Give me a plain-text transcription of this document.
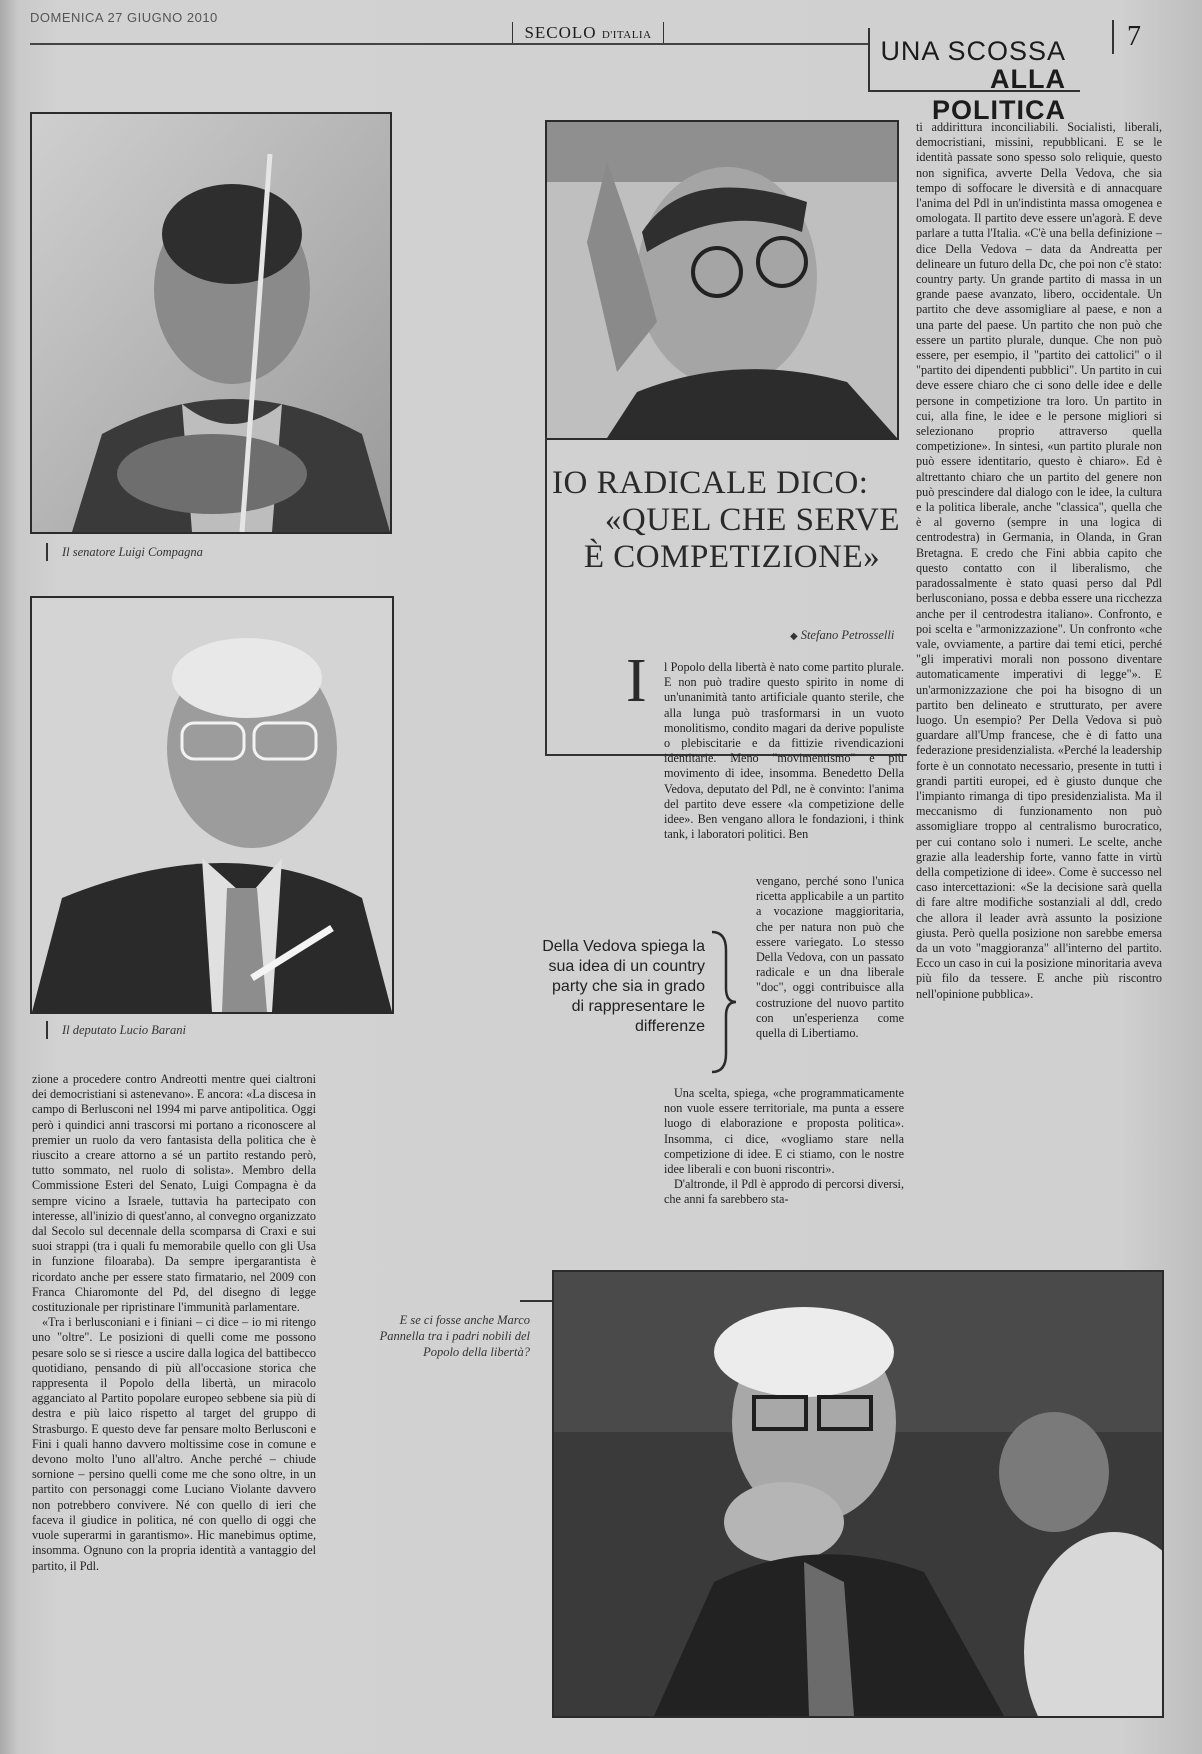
DOMENICA 27 GIUGNO 2010
SECOLO D'ITALIA
UNA SCOSSA
ALLA POLITICA
7
Il senatore Luigi Compagna
Il deputato Lucio Barani
IO RADICALE DICO:
«QUEL CHE SERVE
È COMPETIZIONE»
◆ Stefano Petrosselli
I l Popolo della libertà è nato come partito plurale. E non può tradire questo spirito in nome di un'unanimità tanto artificiale quanto sterile, che alla lunga può trasformarsi in un vuoto monolitismo, condito magari da derive populiste o plebiscitarie e da fittizie rivendicazioni identitarie. Meno "movimentismo" e più movimento di idee, insomma. Benedetto Della Vedova, deputato del Pdl, ne è convinto: l'anima del partito deve essere «la competizione delle idee». Ben vengano allora le fondazioni, i think tank, i laboratori politici. Ben

vengano, perché sono l'unica ricetta applicabile a un partito a vocazione maggioritaria, che per natura non può che essere variegato. Lo stesso Della Vedova, con un passato radicale e un dna liberale "doc", oggi contribuisce alla costruzione del nuovo partito con un'esperienza come quella di Libertiamo.

Una scelta, spiega, «che programmaticamente non vuole essere territoriale, ma punta a essere luogo di elaborazione e proposta politica». Insomma, ci dice, «vogliamo stare nella competizione di idee. E ci stiamo, con le nostre idee liberali e con buoni riscontri».

D'altronde, il Pdl è approdo di percorsi diversi, che anni fa sarebbero sta-

Della Vedova spiega la sua idea di un country party che sia in grado di rappresentare le differenze

ti addirittura inconciliabili. Socialisti, liberali, democristiani, missini, repubblicani. E se le identità passate sono spesso solo reliquie, questo non significa, avverte Della Vedova, che sia tempo di soffocare le diversità e di annacquare l'anima del Pdl in un'indistinta massa omogenea e omologata. Il partito deve essere un'agorà. E deve parlare a tutta l'Italia. «C'è una bella definizione – dice Della Vedova – data da Andreatta per delineare un futuro della Dc, che poi non c'è stato: country party. Un grande partito di massa in un grande paese avanzato, libero, occidentale. Un partito che deve assomigliare al paese, e non a una parte del paese. Un partito che non può che essere un partito plurale, dunque. Che non può essere, per esempio, il "partito dei cattolici" o il "partito dei dipendenti pubblici". Un partito in cui deve essere chiaro che ci sono delle idee e delle persone in competizione tra loro. Un partito in cui, alla fine, le idee e le persone migliori si selezionano proprio attraverso quella competizione». In sintesi, «un partito plurale non può essere identitario, questo è chiaro». Ed è altrettanto chiaro che un partito del genere non può prescindere dal dialogo con le idee, la cultura e la politica liberale, anche "classica", quella che è al governo (sempre in una logica di centrodestra) in Germania, in Olanda, in Gran Bretagna. E credo che Fini abbia capito che questo contatto con il liberalismo, che paradossalmente è stato quasi perso dal Pdl berlusconiano, possa e debba essere una ricchezza anche per il centrodestra italiano». Confronto, e poi scelta e "armonizzazione". Un confronto «che vale, ovviamente, a partire dai temi etici, perché "gli imperativi morali non possono diventare automaticamente imperativi di legge"». E un'armonizzazione che poi ha bisogno di un partito ben delineato e strutturato, per avere luogo. Un esempio? Per Della Vedova si può guardare all'Ump francese, che è di fatto una federazione presidenzialista. «Perché la leadership forte è un connotato necessario, presente in tutti i grandi partiti europei, ed è giusto dunque che l'impianto rimanga di tipo presidenzialista. Ma il meccanismo di funzionamento non può assomigliare troppo al centralismo burocratico, per cui contano solo i numeri. Le scelte, anche grazie alla leadership forte, vanno fatte in virtù della competizione di idee». Come è successo nel caso intercettazioni: «Se la decisione sarà quella di fare altre modifiche sostanziali al ddl, credo che allora il leader avrà assunto la posizione giusta. Però quella posizione non sarebbe emersa da un voto "maggioranza" all'interno del partito. Ecco un caso in cui la posizione minoritaria aveva più filo da tessere. E anche più riscontro nell'opinione pubblica».

zione a procedere contro Andreotti mentre quei cialtroni dei democristiani si astenevano». E ancora: «La discesa in campo di Berlusconi nel 1994 mi parve antipolitica. Oggi però i quindici anni trascorsi mi portano a riconoscere al premier un ruolo da vero fantasista della politica che è riuscito a creare attorno a sé un partito restando però, tutto sommato, nel ruolo di solista». Membro della Commissione Esteri del Senato, Luigi Compagna è da sempre vicino a Israele, tuttavia ha partecipato con interesse, all'inizio di quest'anno, al convegno organizzato dal Secolo sul decennale della scomparsa di Craxi e sui suoi strappi (tra i quali fu memorabile quello con gli Usa in funzione filoaraba). Da sempre ipergarantista è ricordato anche per essere stato firmatario, nel 2009 con Franca Chiaromonte del Pd, del disegno di legge costituzionale per ripristinare l'immunità parlamentare.

«Tra i berlusconiani e i finiani – ci dice – io mi ritengo uno "oltre". Le posizioni di quelli come me possono pesare solo se si riesce a uscire dalla logica del battibecco quotidiano, pensando di più all'occasione storica che rappresenta il Popolo della libertà, un miracolo agganciato al Partito popolare europeo sebbene sia più di destra e più laico rispetto al target del gruppo di Strasburgo. E questo deve far pensare molto Berlusconi e Fini i quali hanno davvero moltissime cose in comune e devono molto l'uno all'altro. Anche perché – chiude sornione – persino quelli come me che sono oltre, in un partito con personaggi come Luciano Violante davvero non potrebbero convivere. Né con quello di ieri che faceva il giudice in politica, né con quello di oggi che vuole superarmi in garantismo». Hic manebimus optime, insomma. Ognuno con la propria identità a vantaggio del partito, il Pdl.

E se ci fosse anche Marco Pannella tra i padri nobili del Popolo della libertà?
